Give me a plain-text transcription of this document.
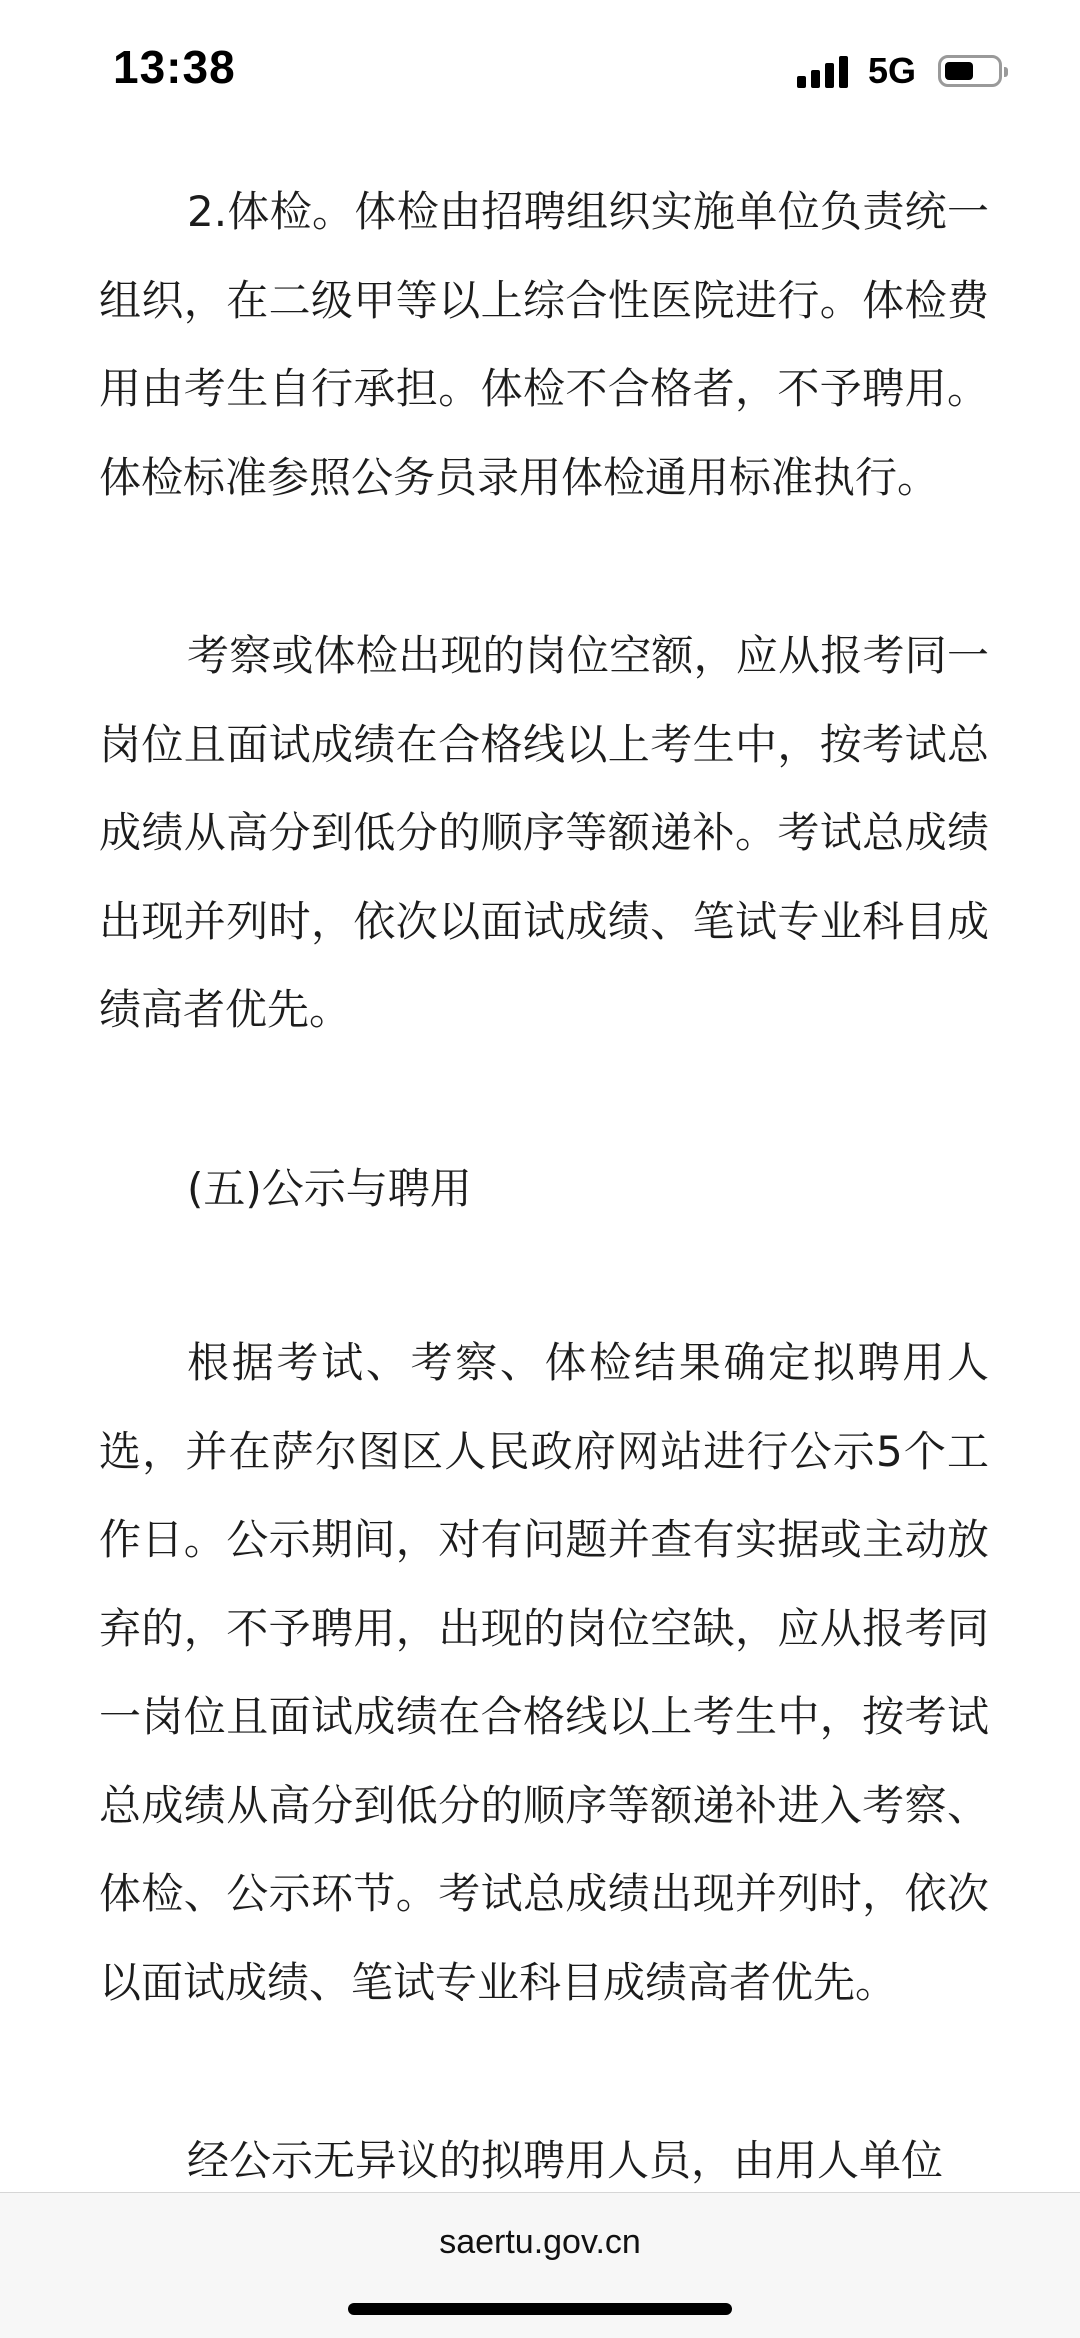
13:38	5G

2.体检。体检由招聘组织实施单位负责统一组织，在二级甲等以上综合性医院进行。体检费用由考生自行承担。体检不合格者，不予聘用。体检标准参照公务员录用体检通用标准执行。

考察或体检出现的岗位空额，应从报考同一岗位且面试成绩在合格线以上考生中，按考试总成绩从高分到低分的顺序等额递补。考试总成绩出现并列时，依次以面试成绩、笔试专业科目成绩高者优先。

(五)公示与聘用

根据考试、考察、体检结果确定拟聘用人选，并在萨尔图区人民政府网站进行公示5个工作日。公示期间，对有问题并查有实据或主动放弃的，不予聘用，出现的岗位空缺，应从报考同一岗位且面试成绩在合格线以上考生中，按考试总成绩从高分到低分的顺序等额递补进入考察、体检、公示环节。考试总成绩出现并列时，依次以面试成绩、笔试专业科目成绩高者优先。

经公示无异议的拟聘用人员，由用人单位

saertu.gov.cn
